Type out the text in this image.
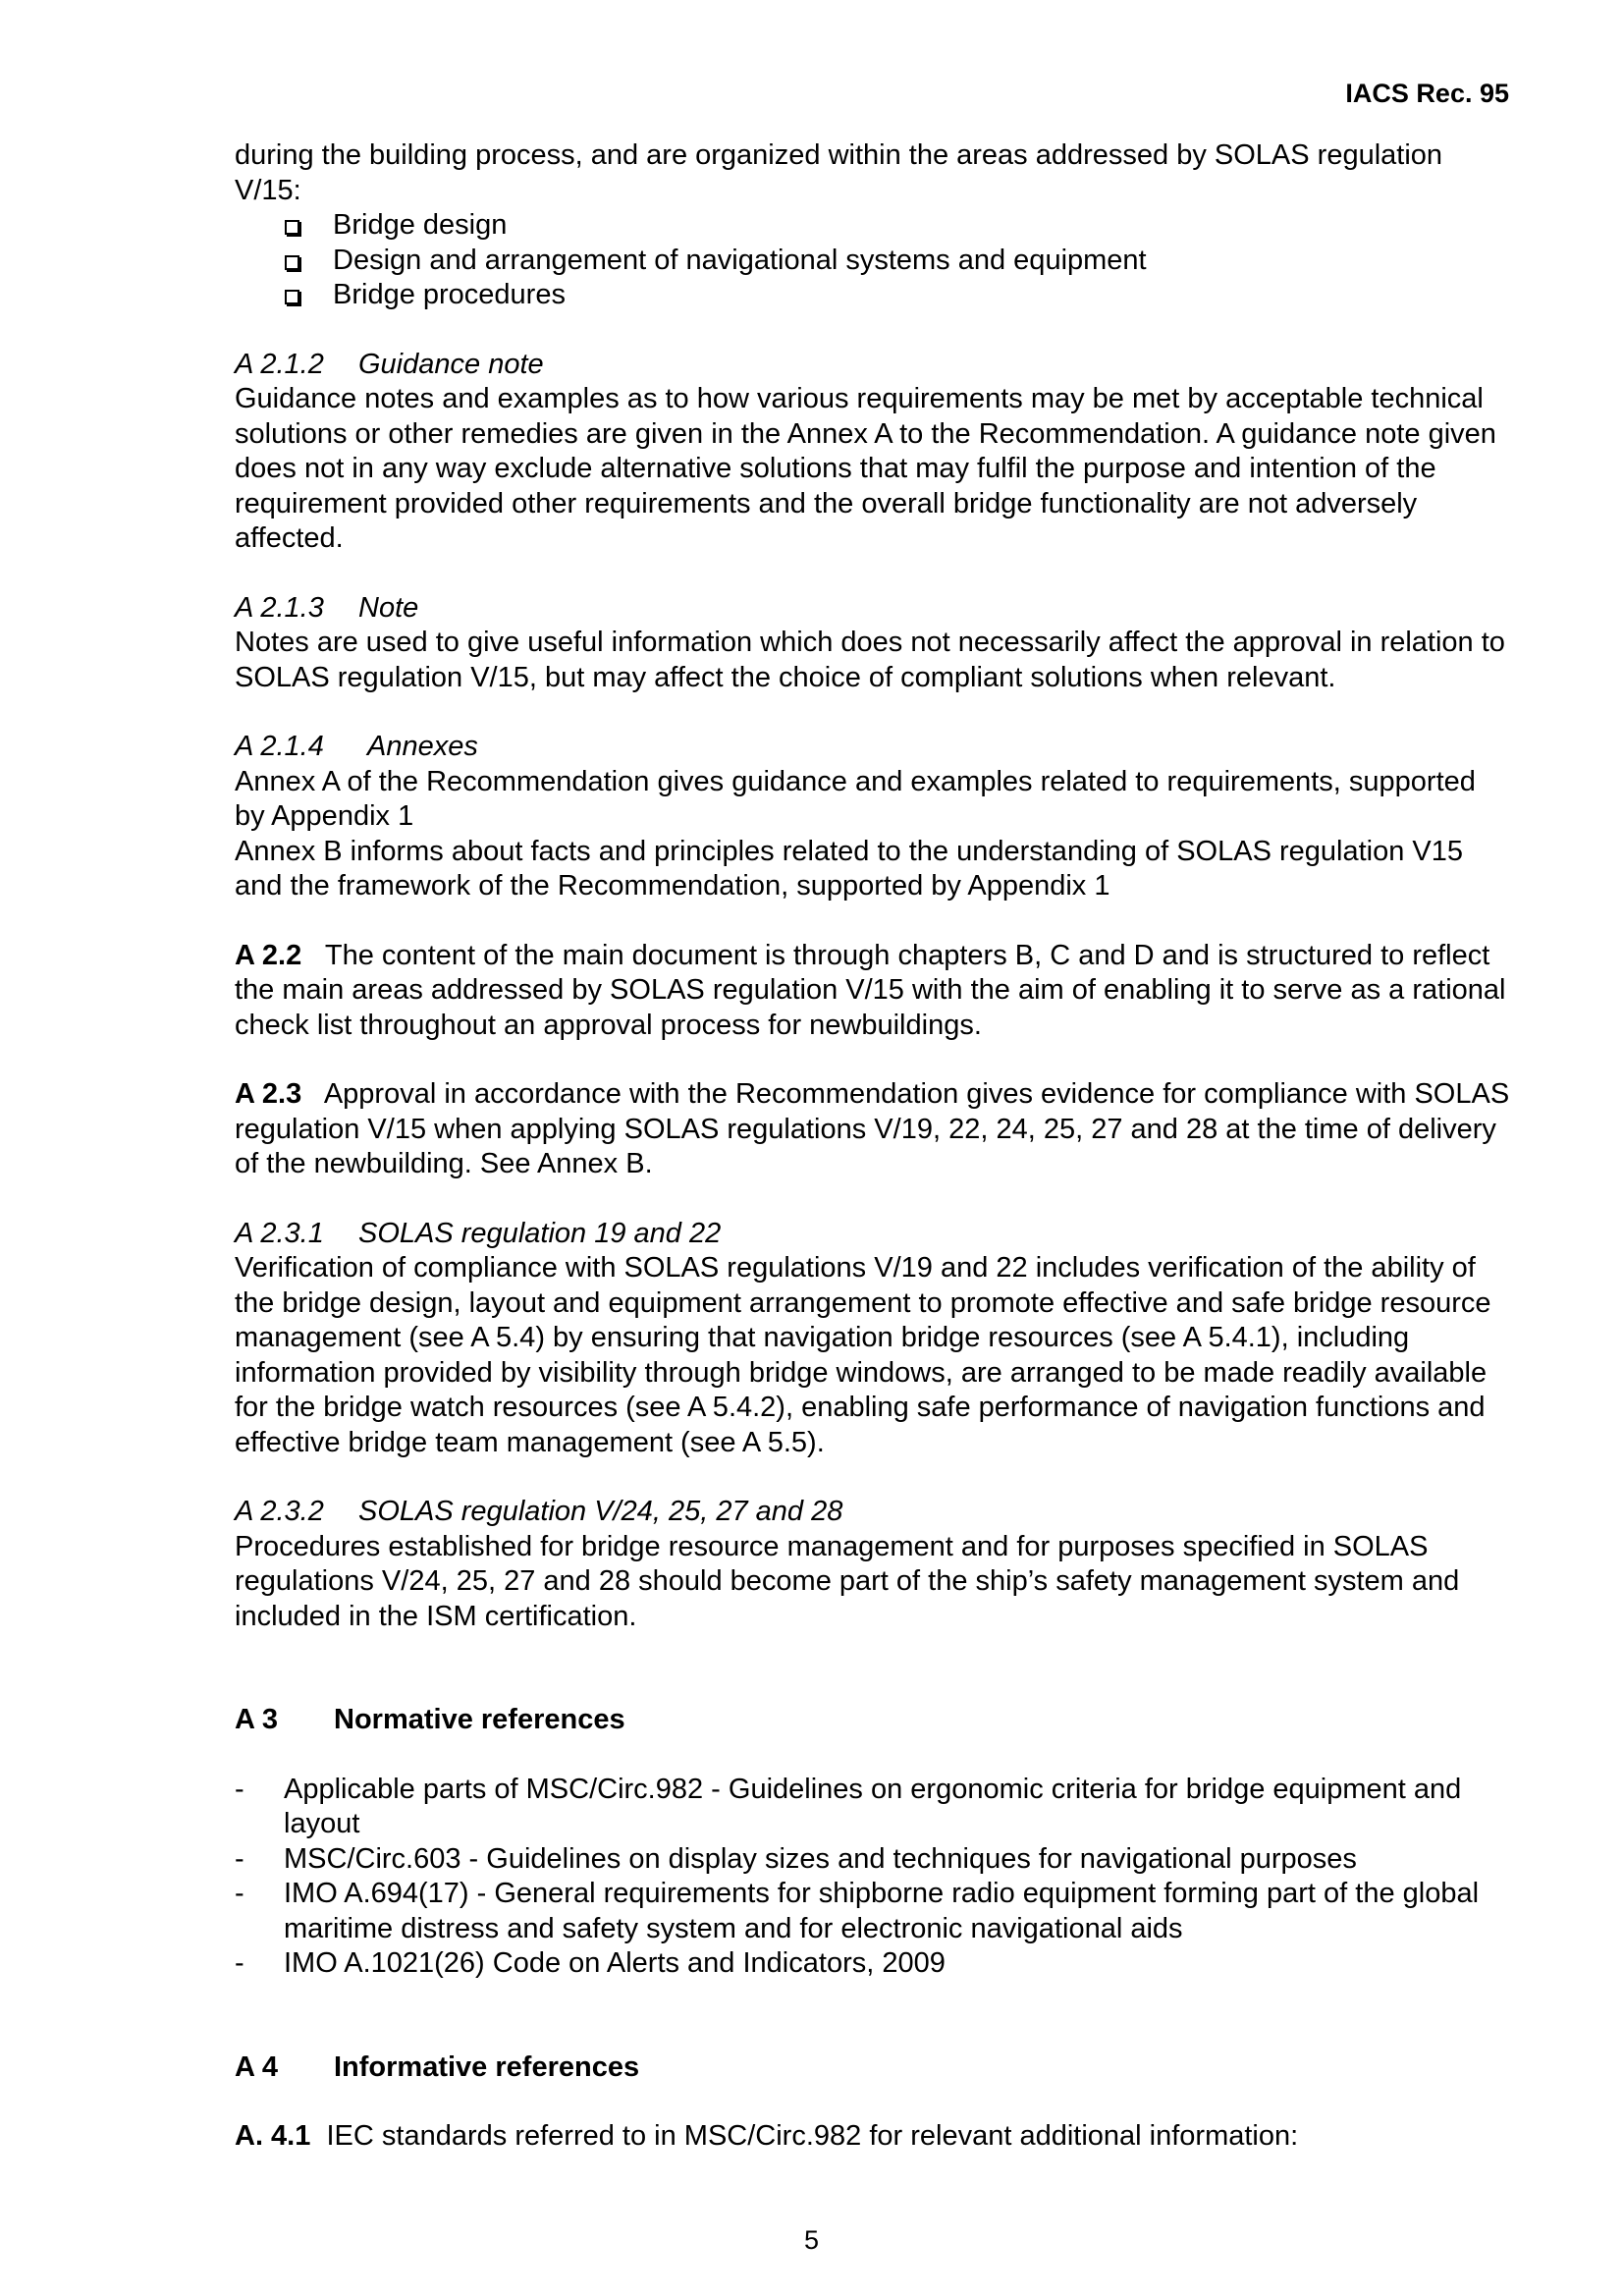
IACS Rec. 95

during the building process, and are organized within the areas addressed by SOLAS regulation V/15:

Bridge design
Design and arrangement of navigational systems and equipment
Bridge procedures

A 2.1.2 Guidance note

Guidance notes and examples as to how various requirements may be met by acceptable technical solutions or other remedies are given in the Annex A to the Recommendation. A guidance note given does not in any way exclude alternative solutions that may fulfil the purpose and intention of the requirement provided other requirements and the overall bridge functionality are not adversely affected.

A 2.1.3 Note

Notes are used to give useful information which does not necessarily affect the approval in relation to SOLAS regulation V/15, but may affect the choice of compliant solutions when relevant.

A 2.1.4 Annexes

Annex A of the Recommendation gives guidance and examples related to requirements, supported by Appendix 1

Annex B informs about facts and principles related to the understanding of SOLAS regulation V15 and the framework of the Recommendation, supported by Appendix 1

A 2.2 The content of the main document is through chapters B, C and D and is structured to reflect the main areas addressed by SOLAS regulation V/15 with the aim of enabling it to serve as a rational check list throughout an approval process for newbuildings.

A 2.3 Approval in accordance with the Recommendation gives evidence for compliance with SOLAS regulation V/15 when applying SOLAS regulations V/19, 22, 24, 25, 27 and 28 at the time of delivery of the newbuilding. See Annex B.

A 2.3.1 SOLAS regulation 19 and 22

Verification of compliance with SOLAS regulations V/19 and 22 includes verification of the ability of the bridge design, layout and equipment arrangement to promote effective and safe bridge resource management (see A 5.4) by ensuring that navigation bridge resources (see A 5.4.1), including information provided by visibility through bridge windows, are arranged to be made readily available for the bridge watch resources (see A 5.4.2), enabling safe performance of navigation functions and effective bridge team management (see A 5.5).

A 2.3.2 SOLAS regulation V/24, 25, 27 and 28

Procedures established for bridge resource management and for purposes specified in SOLAS regulations V/24, 25, 27 and 28 should become part of the ship’s safety management system and included in the ISM certification.

A 3 Normative references

- Applicable parts of MSC/Circ.982 - Guidelines on ergonomic criteria for bridge equipment and layout
- MSC/Circ.603 - Guidelines on display sizes and techniques for navigational purposes
- IMO A.694(17) - General requirements for shipborne radio equipment forming part of the global maritime distress and safety system and for electronic navigational aids
- IMO A.1021(26) Code on Alerts and Indicators, 2009

A 4 Informative references

A. 4.1 IEC standards referred to in MSC/Circ.982 for relevant additional information:

5
